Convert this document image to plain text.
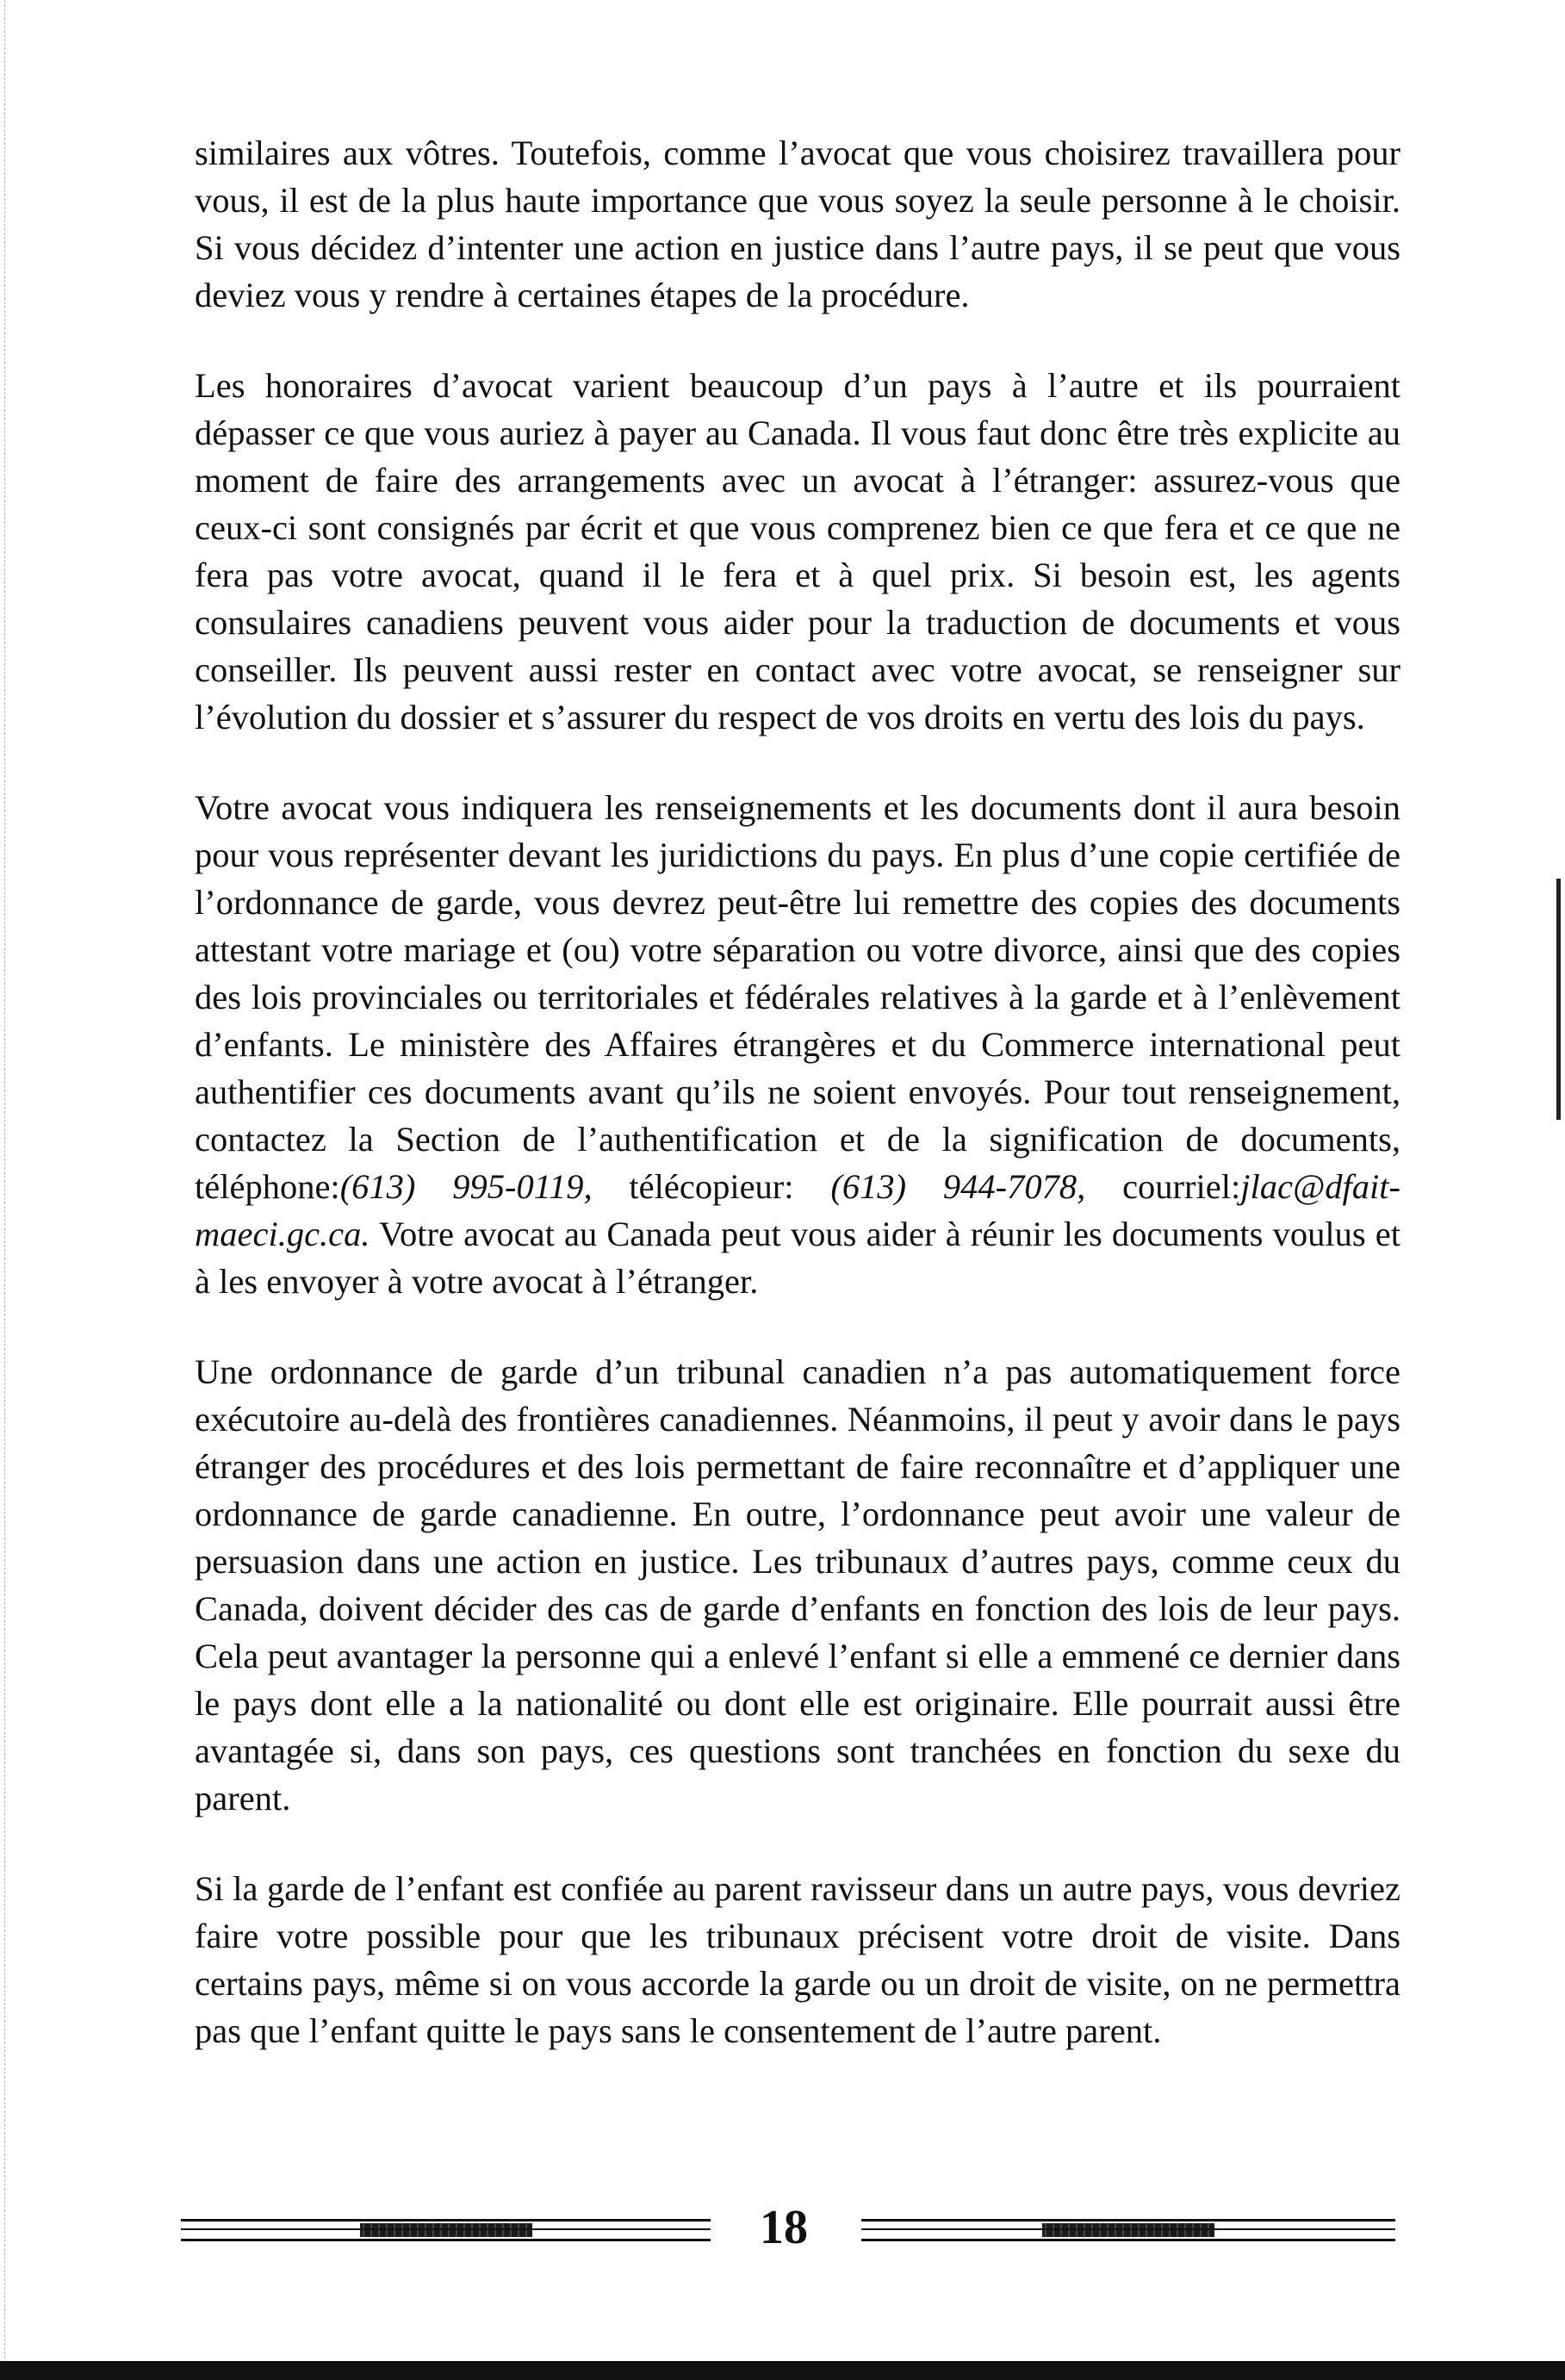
similaires aux vôtres. Toutefois, comme l’avocat que vous choisirez travaillera pour vous, il est de la plus haute importance que vous soyez la seule personne à le choisir. Si vous décidez d’intenter une action en justice dans l’autre pays, il se peut que vous deviez vous y rendre à certaines étapes de la procédure.

Les honoraires d’avocat varient beaucoup d’un pays à l’autre et ils pourraient dépasser ce que vous auriez à payer au Canada. Il vous faut donc être très explicite au moment de faire des arrangements avec un avocat à l’étranger: assurez-vous que ceux-ci sont consignés par écrit et que vous comprenez bien ce que fera et ce que ne fera pas votre avocat, quand il le fera et à quel prix. Si besoin est, les agents consulaires canadiens peuvent vous aider pour la traduction de documents et vous conseiller. Ils peuvent aussi rester en contact avec votre avocat, se renseigner sur l’évolution du dossier et s’assurer du respect de vos droits en vertu des lois du pays.

Votre avocat vous indiquera les renseignements et les documents dont il aura besoin pour vous représenter devant les juridictions du pays. En plus d’une copie certifiée de l’ordonnance de garde, vous devrez peut-être lui remettre des copies des documents attestant votre mariage et (ou) votre séparation ou votre divorce, ainsi que des copies des lois provinciales ou territoriales et fédérales relatives à la garde et à l’enlèvement d’enfants. Le ministère des Affaires étrangères et du Commerce international peut authentifier ces documents avant qu’ils ne soient envoyés. Pour tout renseignement, contactez la Section de l’authentification et de la signification de documents, téléphone:(613) 995-0119, télécopieur: (613) 944-7078, courriel:jlac@dfait-maeci.gc.ca. Votre avocat au Canada peut vous aider à réunir les documents voulus et à les envoyer à votre avocat à l’étranger.

Une ordonnance de garde d’un tribunal canadien n’a pas automatiquement force exécutoire au-delà des frontières canadiennes. Néanmoins, il peut y avoir dans le pays étranger des procédures et des lois permettant de faire reconnaître et d’appliquer une ordonnance de garde canadienne. En outre, l’ordonnance peut avoir une valeur de persuasion dans une action en justice. Les tribunaux d’autres pays, comme ceux du Canada, doivent décider des cas de garde d’enfants en fonction des lois de leur pays. Cela peut avantager la personne qui a enlevé l’enfant si elle a emmené ce dernier dans le pays dont elle a la nationalité ou dont elle est originaire. Elle pourrait aussi être avantagée si, dans son pays, ces questions sont tranchées en fonction du sexe du parent.

Si la garde de l’enfant est confiée au parent ravisseur dans un autre pays, vous devriez faire votre possible pour que les tribunaux précisent votre droit de visite. Dans certains pays, même si on vous accorde la garde ou un droit de visite, on ne permettra pas que l’enfant quitte le pays sans le consentement de l’autre parent.

18
